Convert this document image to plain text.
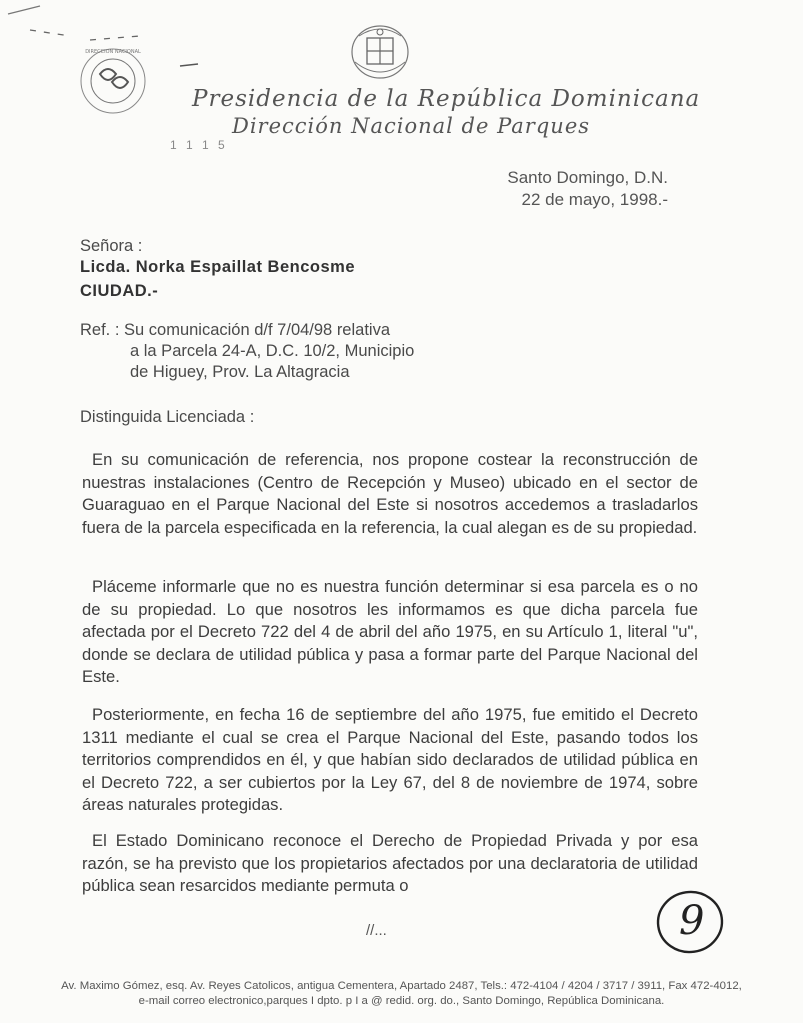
DIRECCION NACIONAL
Presidencia de la República Dominicana
Dirección Nacional de Parques
1 1 1 5
Santo Domingo, D.N.
22 de mayo, 1998.-
Señora :
Licda. Norka Espaillat Bencosme
CIUDAD.-
Ref. : Su comunicación d/f 7/04/98 relativa
a la Parcela 24-A, D.C. 10/2, Municipio
de Higuey, Prov. La Altagracia
Distinguida Licenciada :
En su comunicación de referencia, nos propone costear la reconstrucción de nuestras instalaciones (Centro de Recepción y Museo) ubicado en el sector de Guaraguao en el Parque Nacional del Este si nosotros accedemos a trasladarlos fuera de la parcela especificada en la referencia, la cual alegan es de su propiedad.
Pláceme informarle que no es nuestra función determinar si esa parcela es o no de su propiedad. Lo que nosotros les informamos es que dicha parcela fue afectada por el Decreto 722 del 4 de abril del año 1975, en su Artículo 1, literal "u", donde se declara de utilidad pública y pasa a formar parte del Parque Nacional del Este.
Posteriormente, en fecha 16 de septiembre del año 1975, fue emitido el Decreto 1311 mediante el cual se crea el Parque Nacional del Este, pasando todos los territorios comprendidos en él, y que habían sido declarados de utilidad pública en el Decreto 722, a ser cubiertos por la Ley 67, del 8 de noviembre de 1974, sobre áreas naturales protegidas.
El Estado Dominicano reconoce el Derecho de Propiedad Privada y por esa razón, se ha previsto que los propietarios afectados por una declaratoria de utilidad pública sean resarcidos mediante permuta o
//...	9
Av. Maximo Gómez, esq. Av. Reyes Catolicos, antigua Cementera, Apartado 2487, Tels.: 472-4104 / 4204 / 3717 / 3911, Fax 472-4012,
e-mail correo electronico,parques I dpto. p I a @ redid. org. do., Santo Domingo, República Dominicana.
